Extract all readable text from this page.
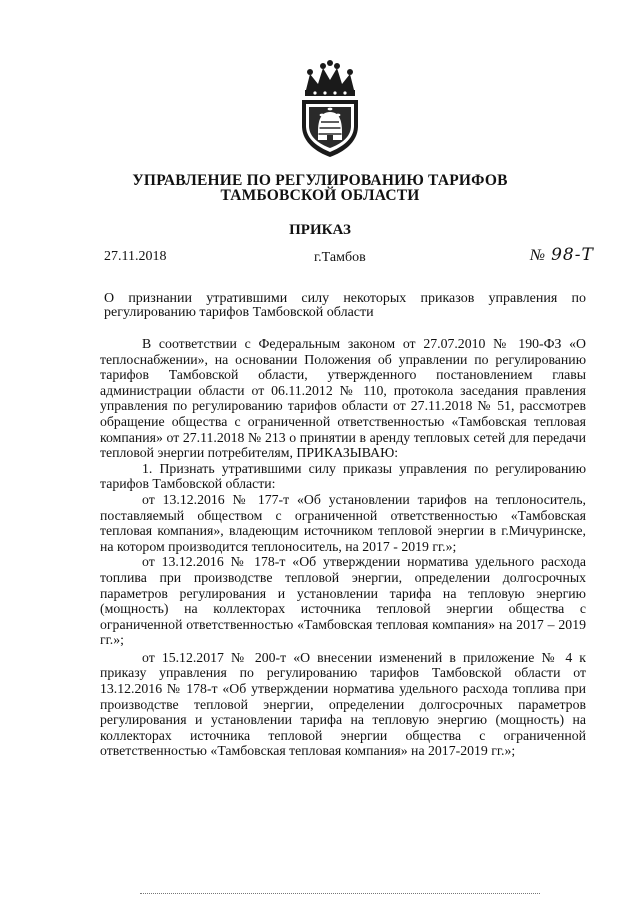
УПРАВЛЕНИЕ ПО РЕГУЛИРОВАНИЮ ТАРИФОВ
ТАМБОВСКОЙ ОБЛАСТИ
ПРИКАЗ
27.11.2018	г.Тамбов	№ 98-Т
О признании утратившими силу некоторых приказов управления по регулированию тарифов Тамбовской области

В соответствии с Федеральным законом от 27.07.2010 № 190-ФЗ «О теплоснабжении», на основании Положения об управлении по регулированию тарифов Тамбовской области, утвержденного постановлением главы администрации области от 06.11.2012 № 110, протокола заседания правления управления по регулированию тарифов области от 27.11.2018 № 51, рассмотрев обращение общества с ограниченной ответственностью «Тамбовская тепловая компания» от 27.11.2018 № 213 о принятии в аренду тепловых сетей для передачи тепловой энергии потребителям, ПРИКАЗЫВАЮ:

1. Признать утратившими силу приказы управления по регулированию тарифов Тамбовской области:

от 13.12.2016 № 177-т «Об установлении тарифов на теплоноситель, поставляемый обществом с ограниченной ответственностью «Тамбовская тепловая компания», владеющим источником тепловой энергии в г.Мичуринске, на котором производится теплоноситель, на 2017 - 2019 гг.»;

от 13.12.2016 № 178-т «Об утверждении норматива удельного расхода топлива при производстве тепловой энергии, определении долгосрочных параметров регулирования и установлении тарифа на тепловую энергию (мощность) на коллекторах источника тепловой энергии общества с ограниченной ответственностью «Тамбовская тепловая компания» на 2017 – 2019 гг.»;

от 15.12.2017 № 200-т «О внесении изменений в приложение № 4 к приказу управления по регулированию тарифов Тамбовской области от 13.12.2016 № 178-т «Об утверждении норматива удельного расхода топлива при производстве тепловой энергии, определении долгосрочных параметров регулирования и установлении тарифа на тепловую энергию (мощность) на коллекторах источника тепловой энергии общества с ограниченной ответственностью «Тамбовская тепловая компания» на 2017-2019 гг.»;
